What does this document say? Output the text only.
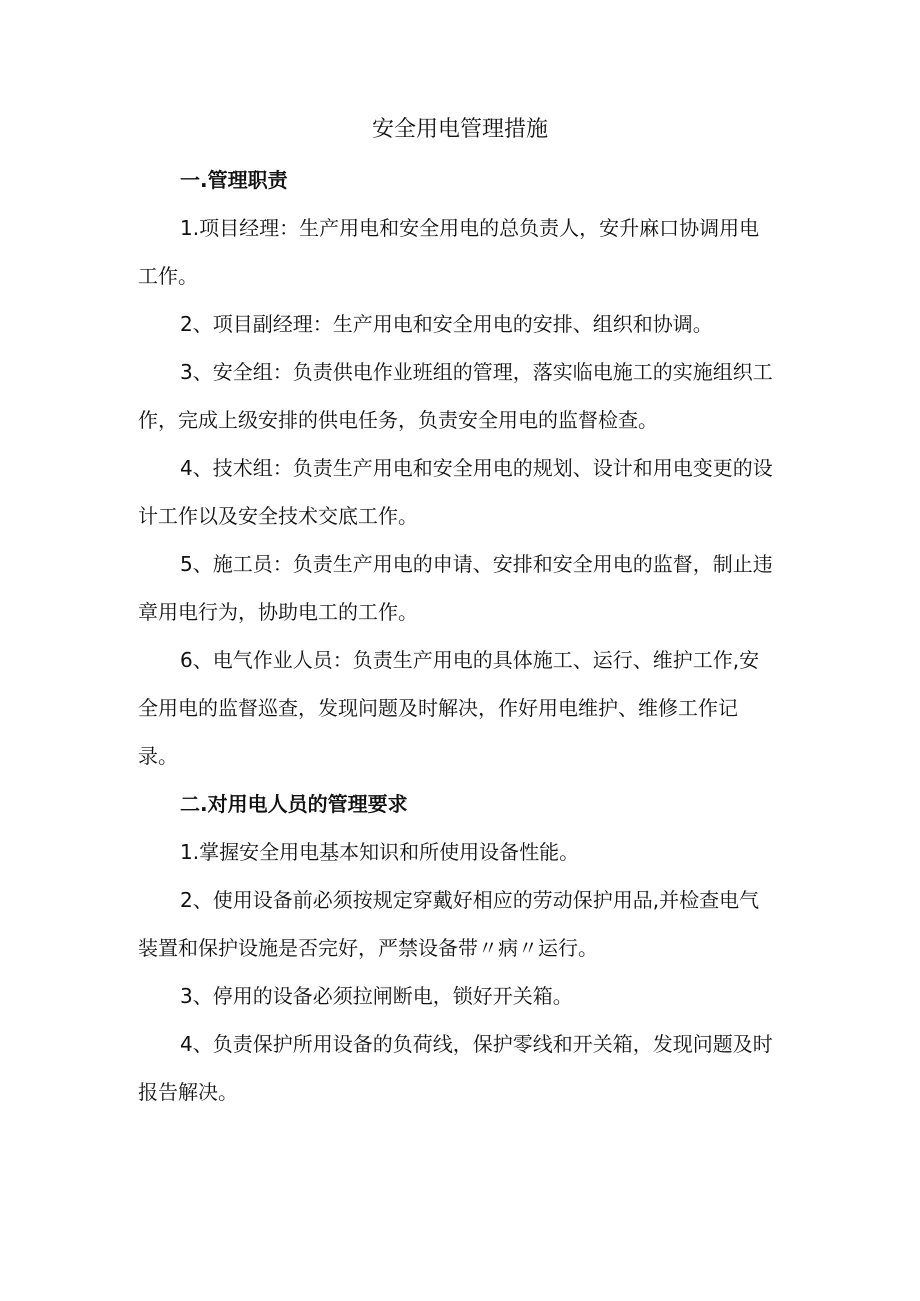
安全用电管理措施

一.管理职责

1.项目经理：生产用电和安全用电的总负责人，安升麻口协调用电
工作。

2、项目副经理：生产用电和安全用电的安排、组织和协调。

3、安全组：负责供电作业班组的管理，落实临电施工的实施组织工
作，完成上级安排的供电任务，负责安全用电的监督检查。

4、技术组：负责生产用电和安全用电的规划、设计和用电变更的设
计工作以及安全技术交底工作。

5、施工员：负责生产用电的申请、安排和安全用电的监督，制止违
章用电行为，协助电工的工作。

6、电气作业人员：负责生产用电的具体施工、运行、维护工作,安
全用电的监督巡查，发现问题及时解决，作好用电维护、维修工作记
录。

二.对用电人员的管理要求

1.掌握安全用电基本知识和所使用设备性能。

2、使用设备前必须按规定穿戴好相应的劳动保护用品,并检查电气
装置和保护设施是否完好，严禁设备带〃病〃运行。

3、停用的设备必须拉闸断电，锁好开关箱。

4、负责保护所用设备的负荷线，保护零线和开关箱，发现问题及时
报告解决。
